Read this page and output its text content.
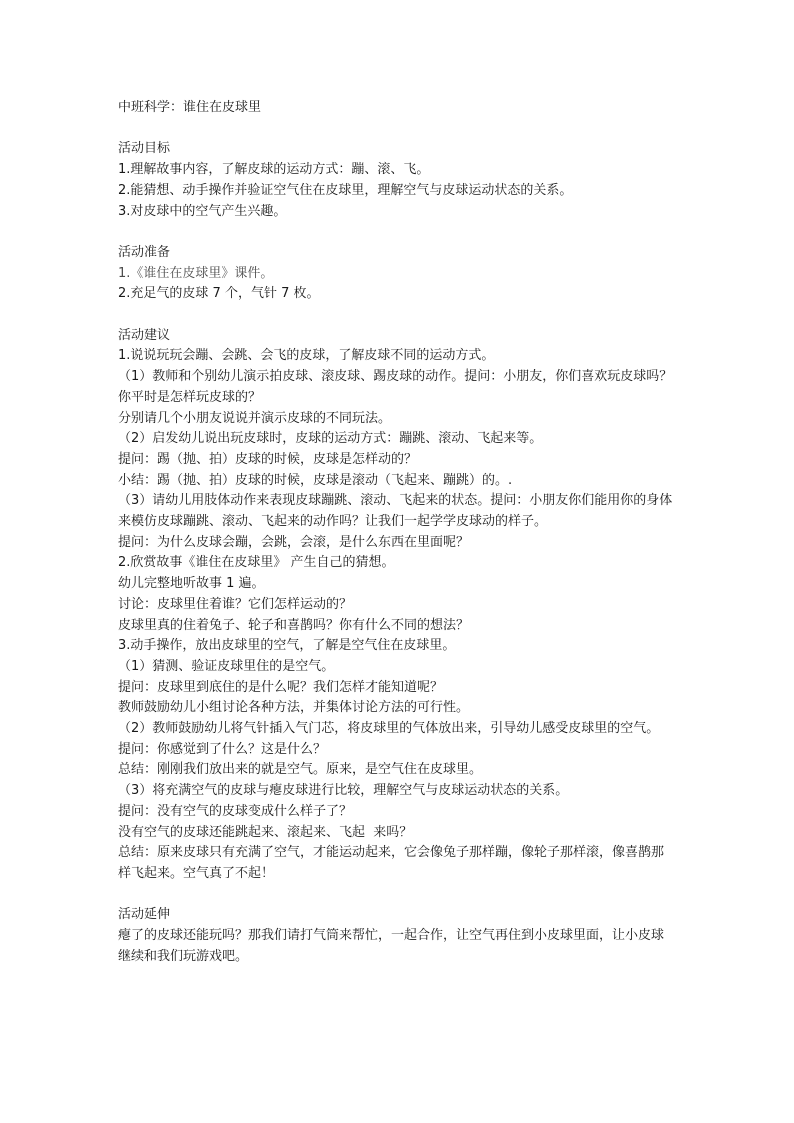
中班科学：谁住在皮球里

活动目标

1.理解故事内容，了解皮球的运动方式：蹦、滚、飞。

2.能猜想、动手操作并验证空气住在皮球里，理解空气与皮球运动状态的关系。

3.对皮球中的空气产生兴趣。

活动准备

1.《谁住在皮球里》课件。

2.充足气的皮球 7 个，气针 7 枚。

活动建议

1.说说玩玩会蹦、会跳、会飞的皮球，了解皮球不同的运动方式。

（1）教师和个别幼儿演示拍皮球、滚皮球、踢皮球的动作。提问：小朋友，你们喜欢玩皮球吗？你平时是怎样玩皮球的？

分别请几个小朋友说说并演示皮球的不同玩法。

（2）启发幼儿说出玩皮球时，皮球的运动方式：蹦跳、滚动、飞起来等。

提问：踢（抛、拍）皮球的时候，皮球是怎样动的？

小结：踢（抛、拍）皮球的时候，皮球是滚动（飞起来、蹦跳）的。.

（3）请幼儿用肢体动作来表现皮球蹦跳、滚动、飞起来的状态。提问：小朋友你们能用你的身体来模仿皮球蹦跳、滚动、飞起来的动作吗？让我们一起学学皮球动的样子。

提问：为什么皮球会蹦，会跳，会滚，是什么东西在里面呢？

2.欣赏故事《谁住在皮球里》 产生自己的猜想。

幼儿完整地听故事 1 遍。

讨论：皮球里住着谁？它们怎样运动的？

皮球里真的住着兔子、轮子和喜鹊吗？你有什么不同的想法？

3.动手操作，放出皮球里的空气，了解是空气住在皮球里。

（1）猜测、验证皮球里住的是空气。

提问：皮球里到底住的是什么呢？我们怎样才能知道呢？

教师鼓励幼儿小组讨论各种方法，并集体讨论方法的可行性。

（2）教师鼓励幼儿将气针插入气门芯，将皮球里的气体放出来，引导幼儿感受皮球里的空气。

提问：你感觉到了什么？这是什么？

总结：刚刚我们放出来的就是空气。原来，是空气住在皮球里。

（3）将充满空气的皮球与瘪皮球进行比较，理解空气与皮球运动状态的关系。

提问：没有空气的皮球变成什么样子了？

没有空气的皮球还能跳起来、滚起来、飞起  来吗？

总结：原来皮球只有充满了空气，才能运动起来，它会像兔子那样蹦，像轮子那样滚，像喜鹊那样飞起来。空气真了不起！

活动延伸

瘪了的皮球还能玩吗？那我们请打气筒来帮忙，一起合作，让空气再住到小皮球里面，让小皮球继续和我们玩游戏吧。
